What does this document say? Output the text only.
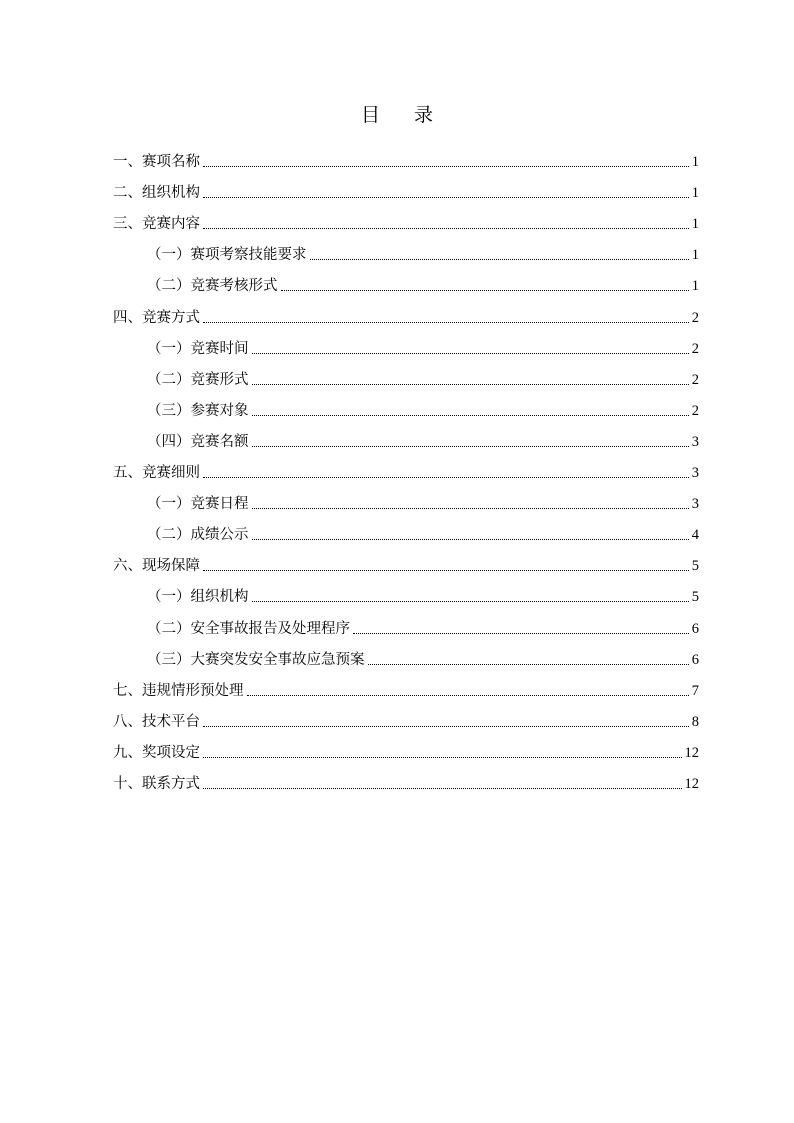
目 录
一、赛项名称	1
二、组织机构	1
三、竞赛内容	1
（一）赛项考察技能要求	1
（二）竞赛考核形式	1
四、竞赛方式	2
（一）竞赛时间	2
（二）竞赛形式	2
（三）参赛对象	2
（四）竞赛名额	3
五、竞赛细则	3
（一）竞赛日程	3
（二）成绩公示	4
六、现场保障	5
（一）组织机构	5
（二）安全事故报告及处理程序	6
（三）大赛突发安全事故应急预案	6
七、违规情形预处理	7
八、技术平台	8
九、奖项设定	12
十、联系方式	12
